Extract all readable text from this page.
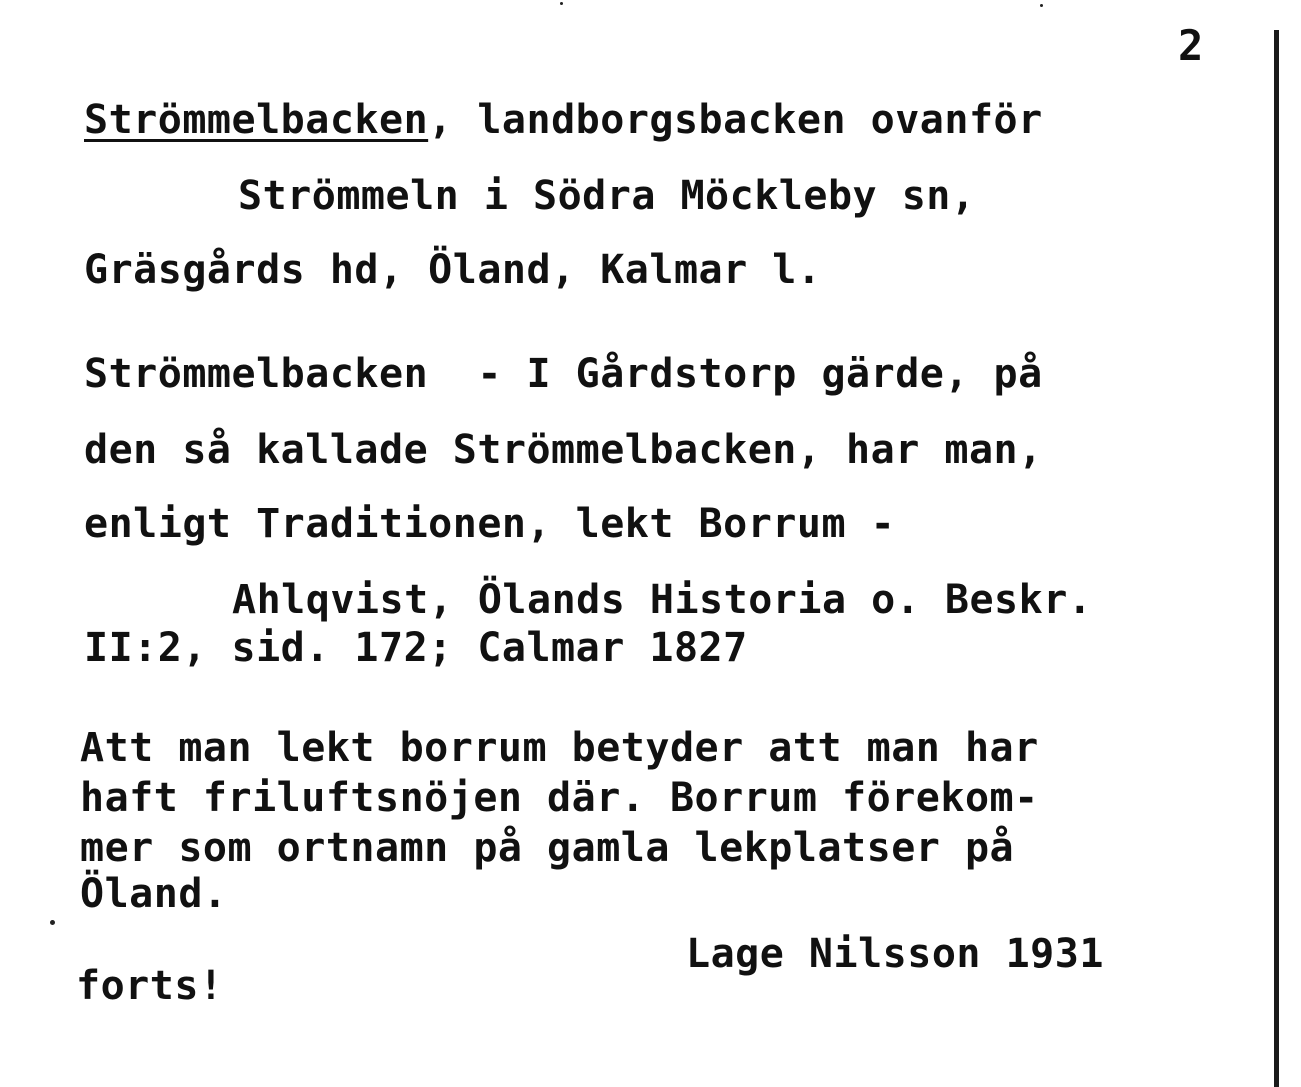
2
Strömmelbacken, landborgsbacken ovanför
Strömmeln i Södra Möckleby sn,
Gräsgårds hd, Öland, Kalmar l.
Strömmelbacken  - I Gårdstorp gärde, på
den så kallade Strömmelbacken, har man,
enligt Traditionen, lekt Borrum -
Ahlqvist, Ölands Historia o. Beskr.
II:2, sid. 172; Calmar 1827
Att man lekt borrum betyder att man har
haft friluftsnöjen där. Borrum förekom-
mer som ortnamn på gamla lekplatser på
Öland.
Lage Nilsson 1931
forts!
